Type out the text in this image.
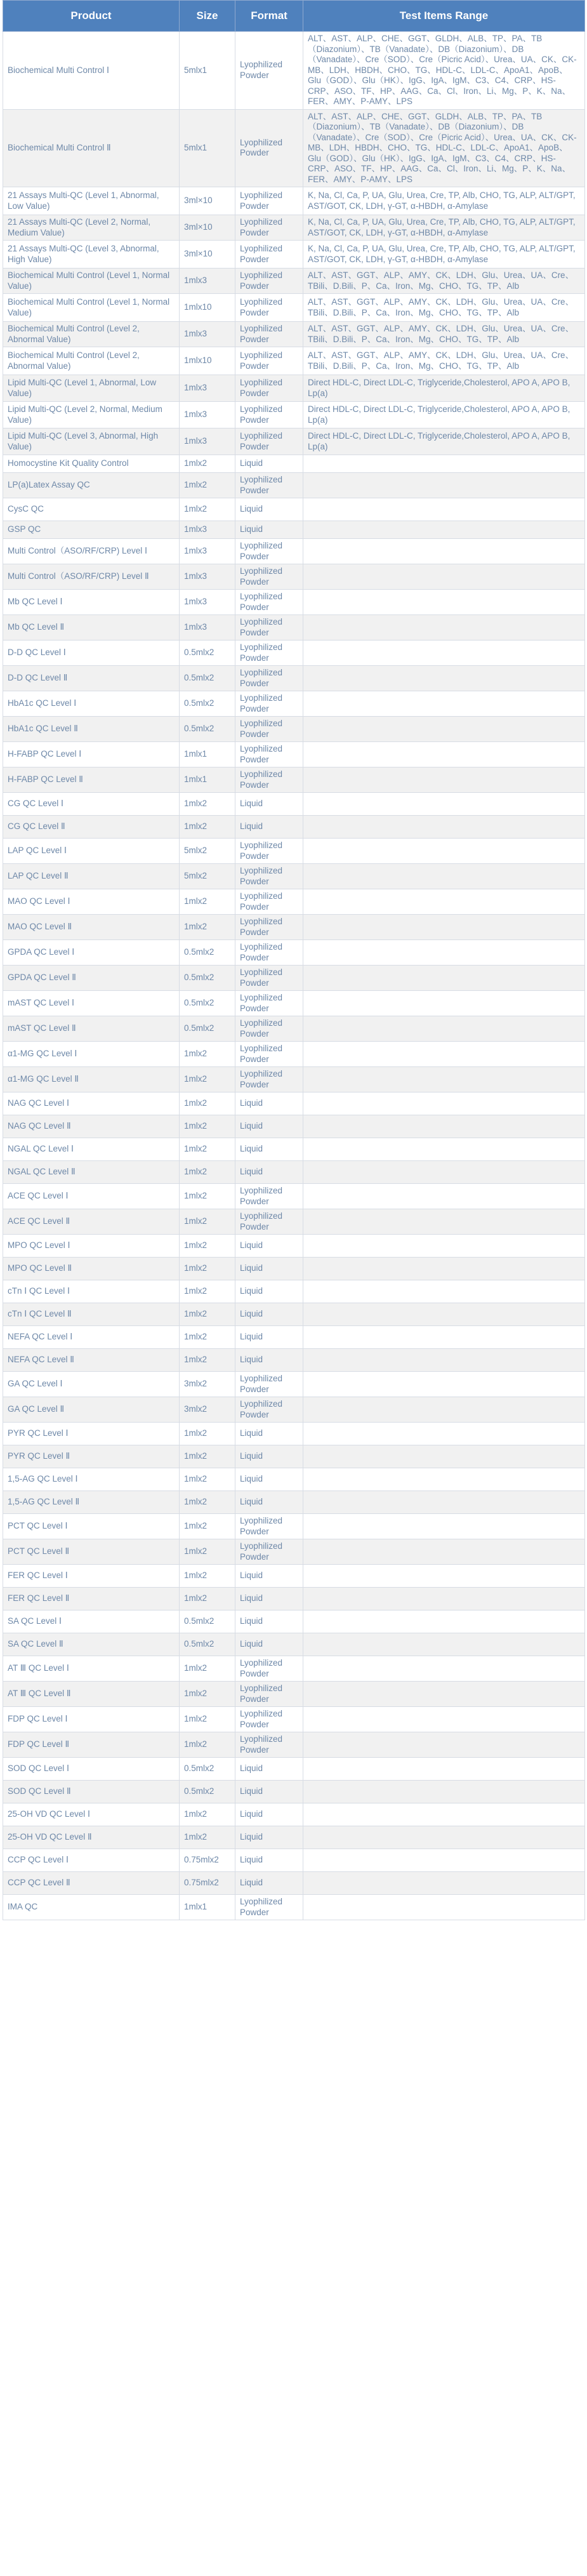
Product	Size	Format	Test Items Range
Biochemical Multi Control Ⅰ	5mlx1	Lyophilized Powder	ALT、AST、ALP、CHE、GGT、GLDH、ALB、TP、PA、TB（Diazonium）、TB（Vanadate）、DB（Diazonium）、DB（Vanadate）、Cre（SOD）、Cre（Picric Acid）、Urea、UA、CK、CK-MB、LDH、HBDH、CHO、TG、HDL-C、LDL-C、ApoA1、ApoB、Glu（GOD）、Glu（HK）、IgG、IgA、IgM、C3、C4、CRP、HS-CRP、ASO、TF、HP、AAG、Ca、Cl、Iron、Li、Mg、P、K、Na、FER、AMY、P-AMY、LPS
Biochemical Multi Control Ⅱ	5mlx1	Lyophilized Powder	ALT、AST、ALP、CHE、GGT、GLDH、ALB、TP、PA、TB（Diazonium）、TB（Vanadate）、DB（Diazonium）、DB（Vanadate）、Cre（SOD）、Cre（Picric Acid）、Urea、UA、CK、CK-MB、LDH、HBDH、CHO、TG、HDL-C、LDL-C、ApoA1、ApoB、Glu（GOD）、Glu（HK）、IgG、IgA、IgM、C3、C4、CRP、HS-CRP、ASO、TF、HP、AAG、Ca、Cl、Iron、Li、Mg、P、K、Na、FER、AMY、P-AMY、LPS
21 Assays Multi-QC (Level 1, Abnormal, Low Value)	3ml×10	Lyophilized Powder	K, Na, Cl, Ca, P, UA, Glu, Urea, Cre, TP, Alb, CHO, TG, ALP, ALT/GPT, AST/GOT, CK, LDH, γ-GT, α-HBDH, α-Amylase
21 Assays Multi-QC (Level 2, Normal, Medium Value)	3ml×10	Lyophilized Powder	K, Na, Cl, Ca, P, UA, Glu, Urea, Cre, TP, Alb, CHO, TG, ALP, ALT/GPT, AST/GOT, CK, LDH, γ-GT, α-HBDH, α-Amylase
21 Assays Multi-QC (Level 3, Abnormal, High Value)	3ml×10	Lyophilized Powder	K, Na, Cl, Ca, P, UA, Glu, Urea, Cre, TP, Alb, CHO, TG, ALP, ALT/GPT, AST/GOT, CK, LDH, γ-GT, α-HBDH, α-Amylase
Biochemical Multi Control (Level 1, Normal Value)	1mlx3	Lyophilized Powder	ALT、AST、GGT、ALP、AMY、CK、LDH、Glu、Urea、UA、Cre、TBili、D.Bili、P、Ca、Iron、Mg、CHO、TG、TP、Alb
Biochemical Multi Control (Level 1, Normal Value)	1mlx10	Lyophilized Powder	ALT、AST、GGT、ALP、AMY、CK、LDH、Glu、Urea、UA、Cre、TBili、D.Bili、P、Ca、Iron、Mg、CHO、TG、TP、Alb
Biochemical Multi Control (Level 2, Abnormal Value)	1mlx3	Lyophilized Powder	ALT、AST、GGT、ALP、AMY、CK、LDH、Glu、Urea、UA、Cre、TBili、D.Bili、P、Ca、Iron、Mg、CHO、TG、TP、Alb
Biochemical Multi Control (Level 2, Abnormal Value)	1mlx10	Lyophilized Powder	ALT、AST、GGT、ALP、AMY、CK、LDH、Glu、Urea、UA、Cre、TBili、D.Bili、P、Ca、Iron、Mg、CHO、TG、TP、Alb
Lipid Multi-QC (Level 1, Abnormal, Low Value)	1mlx3	Lyophilized Powder	Direct HDL-C, Direct LDL-C, Triglyceride,Cholesterol, APO A, APO B, Lp(a)
Lipid Multi-QC (Level 2, Normal, Medium Value)	1mlx3	Lyophilized Powder	Direct HDL-C, Direct LDL-C, Triglyceride,Cholesterol, APO A, APO B, Lp(a)
Lipid Multi-QC (Level 3, Abnormal, High Value)	1mlx3	Lyophilized Powder	Direct HDL-C, Direct LDL-C, Triglyceride,Cholesterol, APO A, APO B, Lp(a)
Homocystine Kit Quality Control	1mlx2	Liquid	
LP(a)Latex Assay QC	1mlx2	Lyophilized Powder	
CysC QC	1mlx2	Liquid	
GSP QC	1mlx3	Liquid	
Multi Control（ASO/RF/CRP) Level Ⅰ	1mlx3	Lyophilized Powder	
Multi Control（ASO/RF/CRP) Level Ⅱ	1mlx3	Lyophilized Powder	
Mb QC Level Ⅰ	1mlx3	Lyophilized Powder	
Mb QC Level Ⅱ	1mlx3	Lyophilized Powder	
D-D QC Level Ⅰ	0.5mlx2	Lyophilized Powder	
D-D QC Level Ⅱ	0.5mlx2	Lyophilized Powder	
HbA1c QC Level Ⅰ	0.5mlx2	Lyophilized Powder	
HbA1c QC Level Ⅱ	0.5mlx2	Lyophilized Powder	
H-FABP QC Level Ⅰ	1mlx1	Lyophilized Powder	
H-FABP QC Level Ⅱ	1mlx1	Lyophilized Powder	
CG QC Level Ⅰ	1mlx2	Liquid	
CG QC Level Ⅱ	1mlx2	Liquid	
LAP QC Level Ⅰ	5mlx2	Lyophilized Powder	
LAP QC Level Ⅱ	5mlx2	Lyophilized Powder	
MAO QC Level Ⅰ	1mlx2	Lyophilized Powder	
MAO QC Level Ⅱ	1mlx2	Lyophilized Powder	
GPDA QC Level Ⅰ	0.5mlx2	Lyophilized Powder	
GPDA QC Level Ⅱ	0.5mlx2	Lyophilized Powder	
mAST QC Level Ⅰ	0.5mlx2	Lyophilized Powder	
mAST QC Level Ⅱ	0.5mlx2	Lyophilized Powder	
α1-MG QC Level Ⅰ	1mlx2	Lyophilized Powder	
α1-MG QC Level Ⅱ	1mlx2	Lyophilized Powder	
NAG QC Level Ⅰ	1mlx2	Liquid	
NAG QC Level Ⅱ	1mlx2	Liquid	
NGAL QC Level Ⅰ	1mlx2	Liquid	
NGAL QC Level Ⅱ	1mlx2	Liquid	
ACE QC Level Ⅰ	1mlx2	Lyophilized Powder	
ACE QC Level Ⅱ	1mlx2	Lyophilized Powder	
MPO QC Level Ⅰ	1mlx2	Liquid	
MPO QC Level Ⅱ	1mlx2	Liquid	
cTn Ⅰ QC Level Ⅰ	1mlx2	Liquid	
cTn Ⅰ QC Level Ⅱ	1mlx2	Liquid	
NEFA QC Level Ⅰ	1mlx2	Liquid	
NEFA QC Level Ⅱ	1mlx2	Liquid	
GA QC Level Ⅰ	3mlx2	Lyophilized Powder	
GA QC Level Ⅱ	3mlx2	Lyophilized Powder	
PYR QC Level Ⅰ	1mlx2	Liquid	
PYR QC Level Ⅱ	1mlx2	Liquid	
1,5-AG QC Level Ⅰ	1mlx2	Liquid	
1,5-AG QC Level Ⅱ	1mlx2	Liquid	
PCT QC Level Ⅰ	1mlx2	Lyophilized Powder	
PCT QC Level Ⅱ	1mlx2	Lyophilized Powder	
FER QC Level Ⅰ	1mlx2	Liquid	
FER QC Level Ⅱ	1mlx2	Liquid	
SA QC Level Ⅰ	0.5mlx2	Liquid	
SA QC Level Ⅱ	0.5mlx2	Liquid	
AT Ⅲ QC Level Ⅰ	1mlx2	Lyophilized Powder	
AT Ⅲ QC Level Ⅱ	1mlx2	Lyophilized Powder	
FDP QC Level Ⅰ	1mlx2	Lyophilized Powder	
FDP QC Level Ⅱ	1mlx2	Lyophilized Powder	
SOD QC Level Ⅰ	0.5mlx2	Liquid	
SOD QC Level Ⅱ	0.5mlx2	Liquid	
25-OH VD QC Level Ⅰ	1mlx2	Liquid	
25-OH VD QC Level Ⅱ	1mlx2	Liquid	
CCP QC Level Ⅰ	0.75mlx2	Liquid	
CCP QC Level Ⅱ	0.75mlx2	Liquid	
IMA QC	1mlx1	Lyophilized Powder	
